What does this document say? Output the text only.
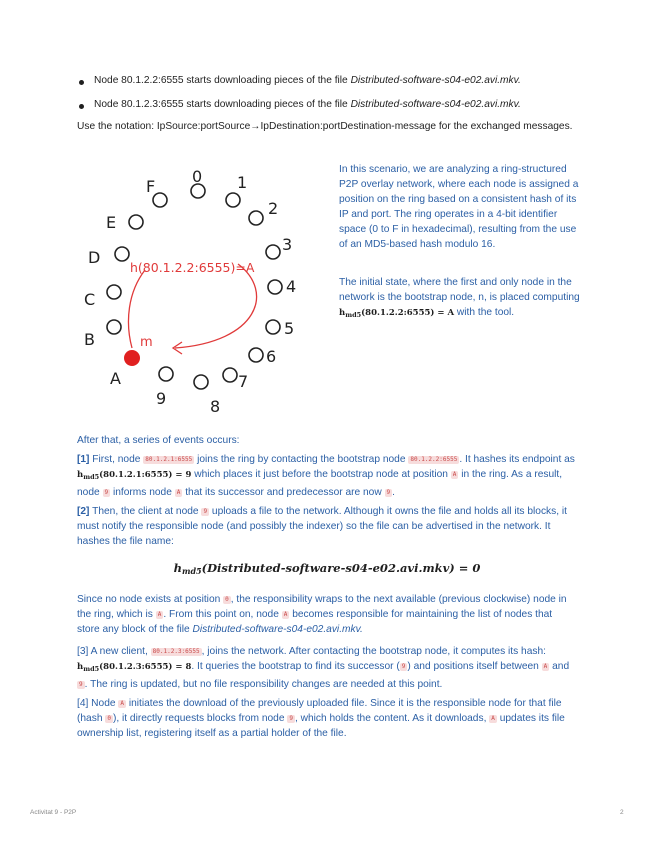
Node 80.1.2.2:6555 starts downloading pieces of the file Distributed-software-s04-e02.avi.mkv.
Node 80.1.2.3:6555 starts downloading pieces of the file Distributed-software-s04-e02.avi.mkv.
Use the notation: IpSource:portSource→IpDestination:portDestination-message for the exchanged messages.
F
0 1
2
3
4
5
6
7
8
9
A
B
C
D
E
h(80.1.2.2:6555)=A
m
In this scenario, we are analyzing a ring-structured P2P overlay network, where each node is assigned a position on the ring based on a consistent hash of its IP and port. The ring operates in a 4-bit identifier space (0 to F in hexadecimal), resulting from the use of an MD5-based hash modulo 16.
The initial state, where the first and only node in the network is the bootstrap node, n, is placed computing $h_{md5}(80.1.2.2:6555) = A$ with the tool.
After that, a series of events occurs:
[1] First, node 80.1.2.1:6555 joins the ring by contacting the bootstrap node 80.1.2.2:6555 . It hashes its endpoint as $h_{md5}(80.1.2.1:6555) = 9$ which places it just before the bootstrap node at position A in the ring. As a result, node 9 informs node A that its successor and predecessor are now 9 .
[2] Then, the client at node 9 uploads a file to the network. Although it owns the file and holds all its blocks, it must notify the responsible node (and possibly the indexer) so the file can be advertised in the network. It hashes the file name:
hmd5(Distributed-software-s04-e02.avi.mkv) = 0
Since no node exists at position 0 , the responsibility wraps to the next available (previous clockwise) node in the ring, which is A . From this point on, node A becomes responsible for maintaining the list of nodes that store any block of the file Distributed-software-s04-e02.avi.mkv.
[3] A new client, 80.1.2.3:6555 , joins the network. After contacting the bootstrap node, it computes its hash: $h_{md5}(80.1.2.3:6555) = 8$. It queries the bootstrap to find its successor ( 9 ) and positions itself between A and 9 . The ring is updated, but no file responsibility changes are needed at this point.
[4] Node A initiates the download of the previously uploaded file. Since it is the responsible node for that file (hash 0 ), it directly requests blocks from node 9 , which holds the content. As it downloads, A updates its file ownership list, registering itself as a partial holder of the file.
Activitat 9 - P2P	2
